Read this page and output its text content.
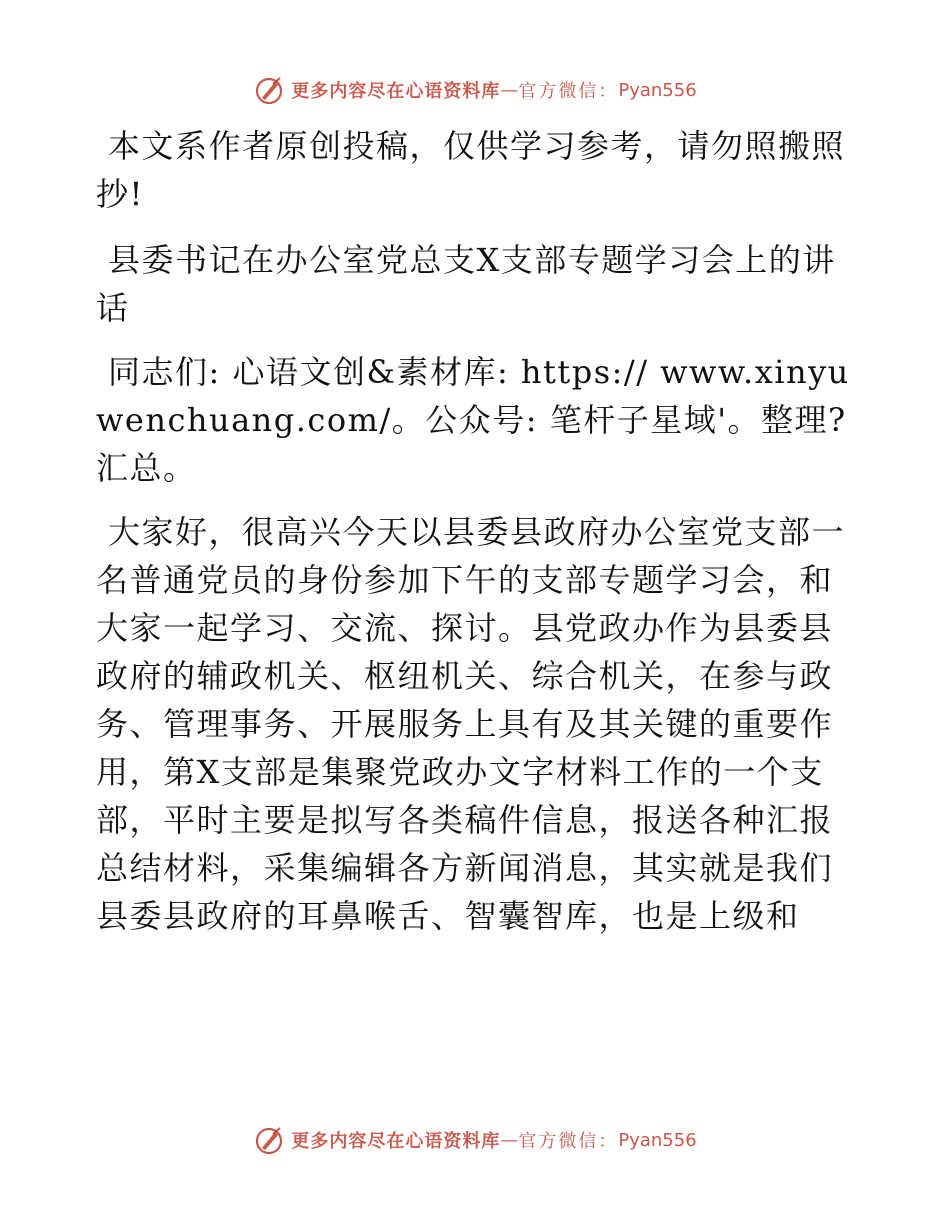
更多内容尽在心语资料库 — 官方微信： Pyan556

本文系作者原创投稿，仅供学习参考，请勿照搬照抄!

县委书记在办公室党总支X支部专题学习会上的讲话

同志们: 心语文创&素材库: https:// www.xinyuwenchuang.com/。公众号: 笔杆子星域'。整理?汇总。

大家好，很高兴今天以县委县政府办公室党支部一名普通党员的身份参加下午的支部专题学习会，和大家一起学习、交流、探讨。县党政办作为县委县政府的辅政机关、枢纽机关、综合机关，在参与政务、管理事务、开展服务上具有及其关键的重要作用，第X支部是集聚党政办文字材料工作的一个支部，平时主要是拟写各类稿件信息，报送各种汇报总结材料，采集编辑各方新闻消息，其实就是我们县委县政府的耳鼻喉舌、智囊智库，也是上级和

更多内容尽在心语资料库 — 官方微信： Pyan556
